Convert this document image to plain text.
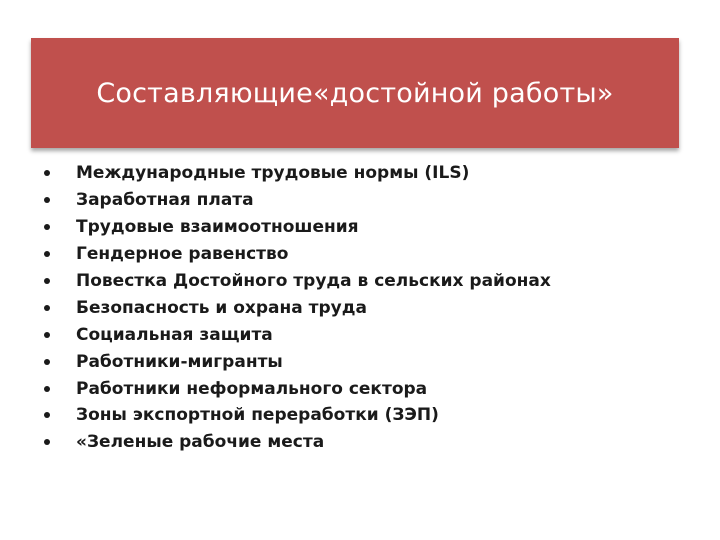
Составляющие«достойной работы»
Международные трудовые нормы (ILS)
Заработная плата
Трудовые взаимоотношения
Гендерное равенство
Повестка Достойного труда в сельских районах
Безопасность и охрана труда
Социальная защита
Работники-мигранты
Работники неформального сектора
Зоны экспортной переработки (ЗЭП)
«Зеленые рабочие места
